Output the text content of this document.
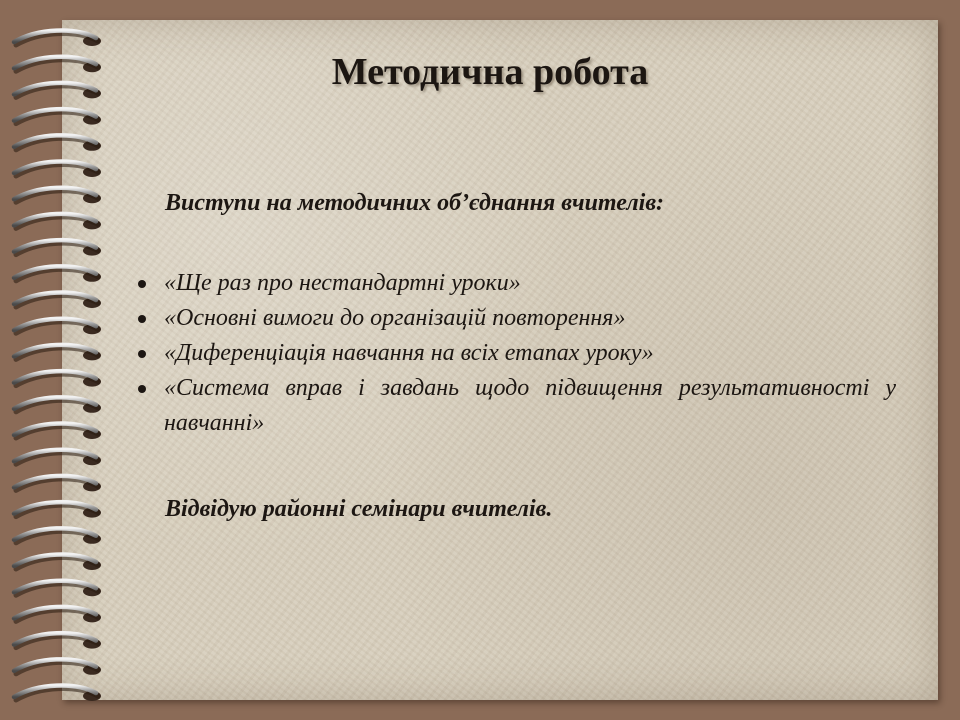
Методична робота

Виступи на методичних об’єднання вчителів:

«Ще раз про нестандартні уроки»
«Основні вимоги до організацій повторення»
«Диференціація навчання на всіх етапах уроку»
«Система вправ і завдань щодо підвищення результативності у навчанні»

Відвідую районні семінари вчителів.
